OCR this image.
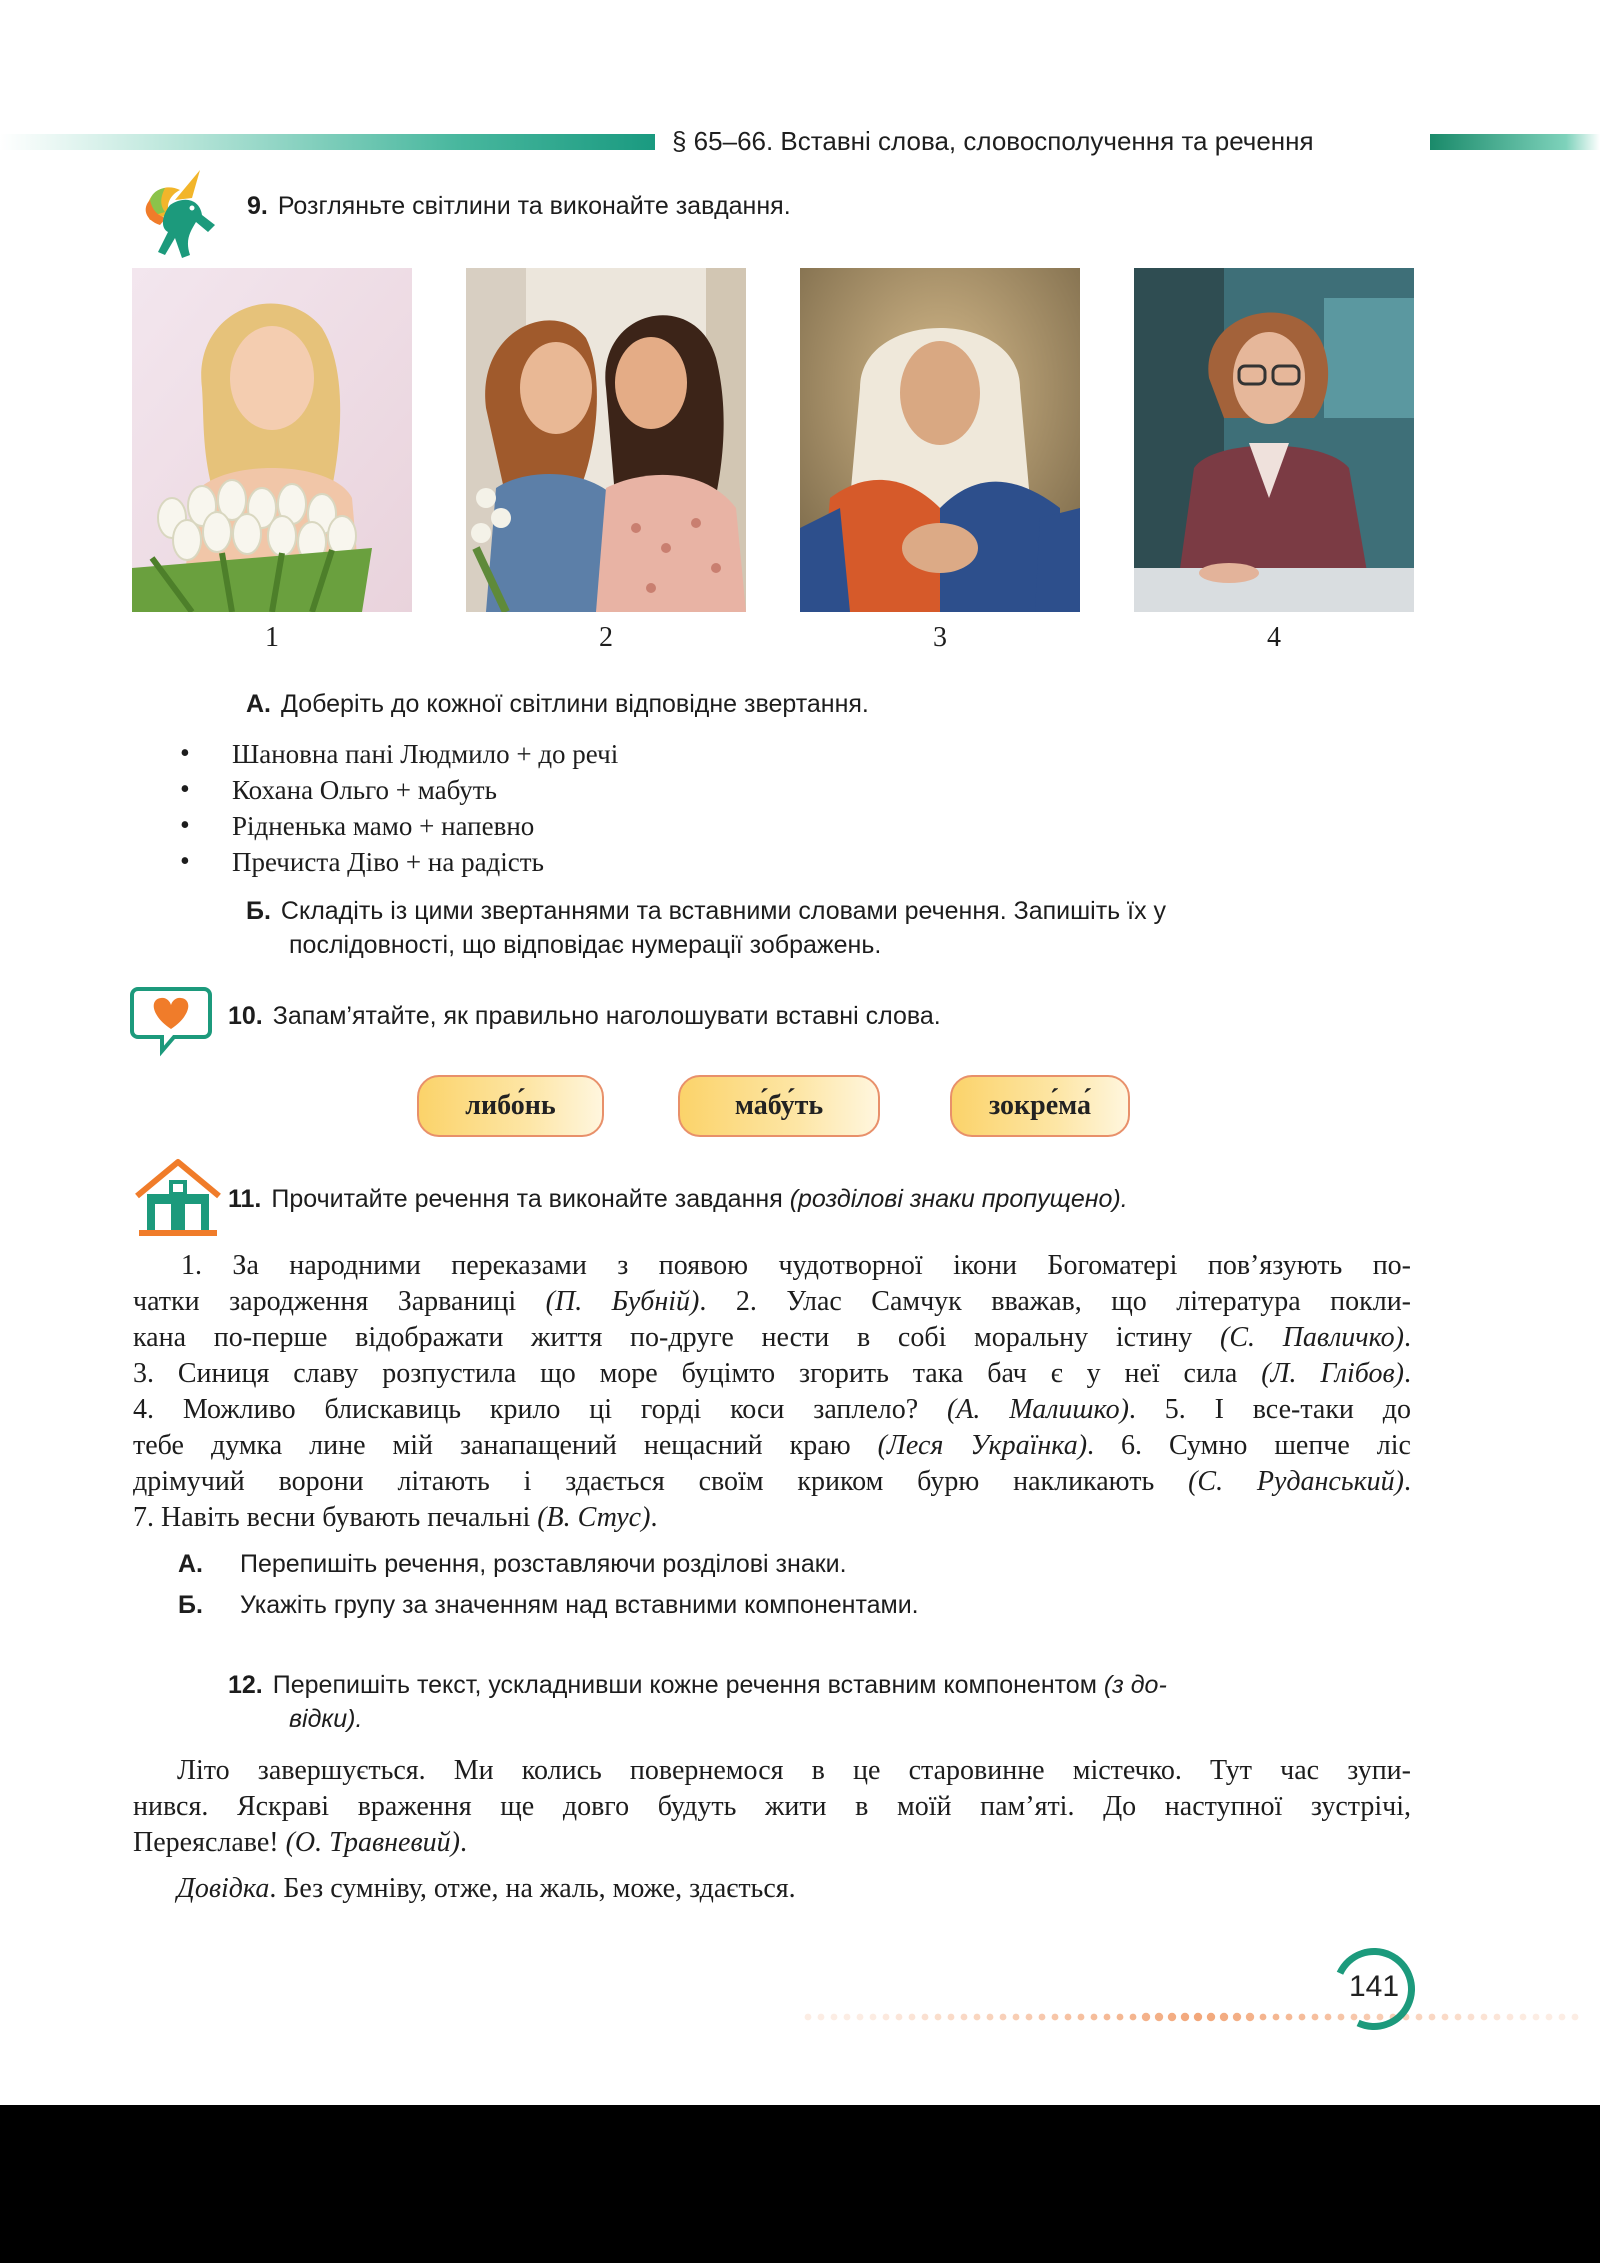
§ 65–66. Вставні слова, словосполучення та речення
9. Розгляньте світлини та виконайте завдання.
1	2	3	4
А. Доберіть до кожної світлини відповідне звертання.
• Шановна пані Людмило + до речі
• Кохана Ольго + мабуть
• Рідненька мамо + напевно
• Пречиста Діво + на радість
Б. Складіть із цими звертаннями та вставними словами речення. Запишіть їх у
послідовності, що відповідає нумерації зображень.
10. Запам’ятайте, як правильно наголошувати вставні слова.
либо́нь	ма́бу́ть	зокре́ма́
11. Прочитайте речення та виконайте завдання (розділові знаки пропущено).
1. За народними переказами з появою чудотворної ікони Богоматері пов’язують по-
чатки зародження Зарваниці (П. Бубній). 2. Улас Самчук вважав, що література покли-
кана по-перше відображати життя по-друге нести в собі моральну істину (С. Павличко).
3. Синиця славу розпустила що море буцімто згорить така бач є у неї сила (Л. Глібов).
4. Можливо блискавиць крило ці горді коси заплело? (А. Малишко). 5. І все-таки до
тебе думка лине мій занапащений нещасний краю (Леся Українка). 6. Сумно шепче ліс
дрімучий ворони літають і здається своїм криком бурю накликають (С. Руданський).
7. Навіть весни бувають печальні (В. Стус).
А. Перепишіть речення, розставляючи розділові знаки.
Б. Укажіть групу за значенням над вставними компонентами.
12. Перепишіть текст, ускладнивши кожне речення вставним компонентом (з до-
відки).
Літо завершується. Ми колись повернемося в це старовинне містечко. Тут час зупи-
нився. Яскраві враження ще довго будуть жити в моїй пам’яті. До наступної зустрічі,
Переяславе! (О. Травневий).
Довідка. Без сумніву, отже, на жаль, може, здається.
141
